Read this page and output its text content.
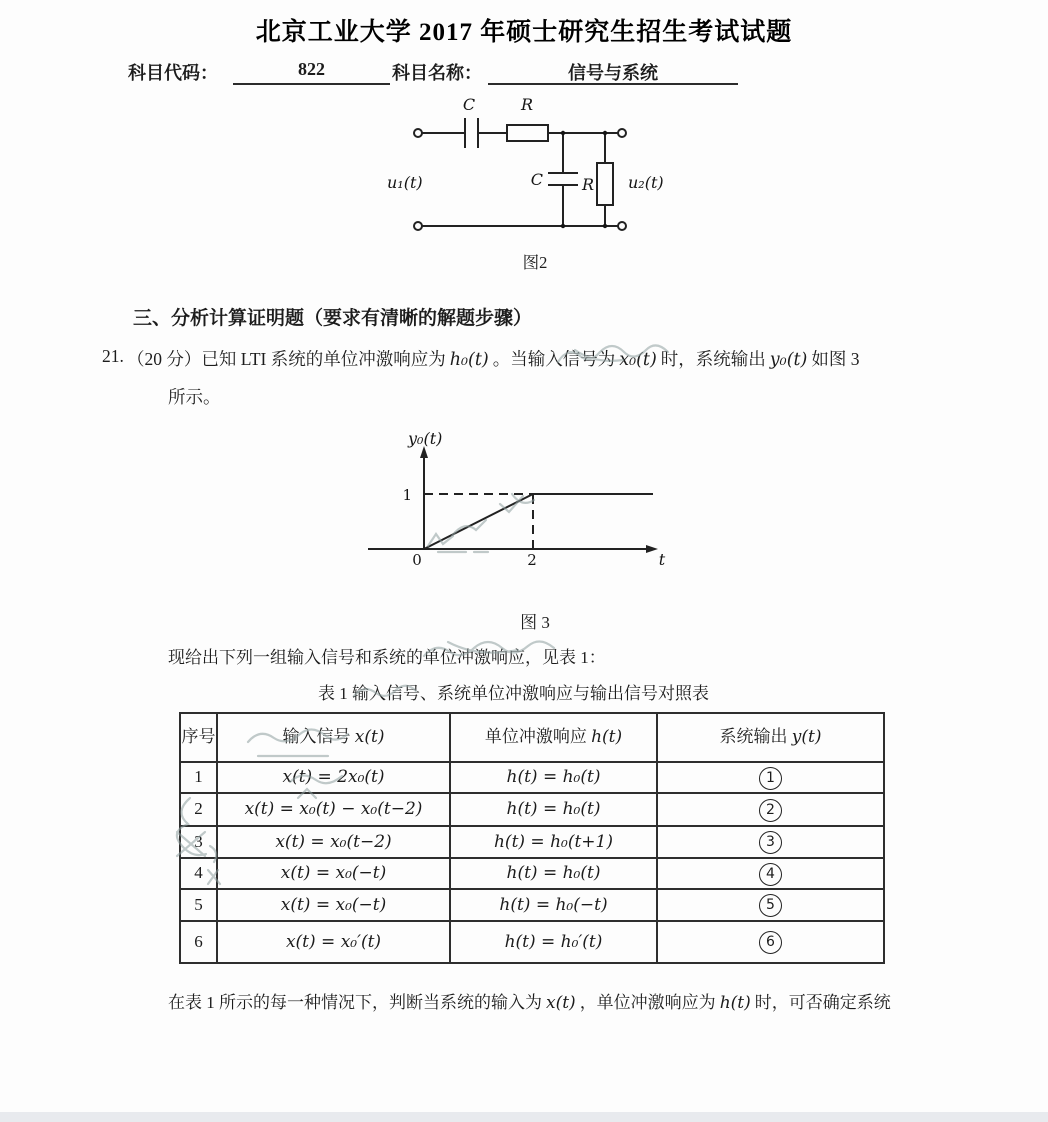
北京工业大学 2017 年硕士研究生招生考试试题
科目代码：	822	科目名称：	信号与系统
C	R
C R
u₁(t)	u₂(t)
图2
三、分析计算证明题（要求有清晰的解题步骤）
21. （20 分）已知 LTI 系统的单位冲激响应为 h₀(t) 。当输入信号为 x₀(t) 时，系统输出 y₀(t) 如图 3
所示。
y₀(t)
1
0	2	t
图 3
现给出下列一组输入信号和系统的单位冲激响应，见表 1：
表 1 输入信号、系统单位冲激响应与输出信号对照表
序号	输入信号 x(t)	单位冲激响应 h(t)	系统输出 y(t)
1	x(t) = 2x₀(t)	h(t) = h₀(t)	1
2	x(t) = x₀(t) − x₀(t−2)	h(t) = h₀(t)	2
3	x(t) = x₀(t−2)	h(t) = h₀(t+1)	3
4	x(t) = x₀(−t)	h(t) = h₀(t)	4
5	x(t) = x₀(−t)	h(t) = h₀(−t)	5
6	x(t) = x₀′(t)	h(t) = h₀′(t)	6
在表 1 所示的每一种情况下，判断当系统的输入为 x(t) ，单位冲激响应为 h(t) 时，可否确定系统
